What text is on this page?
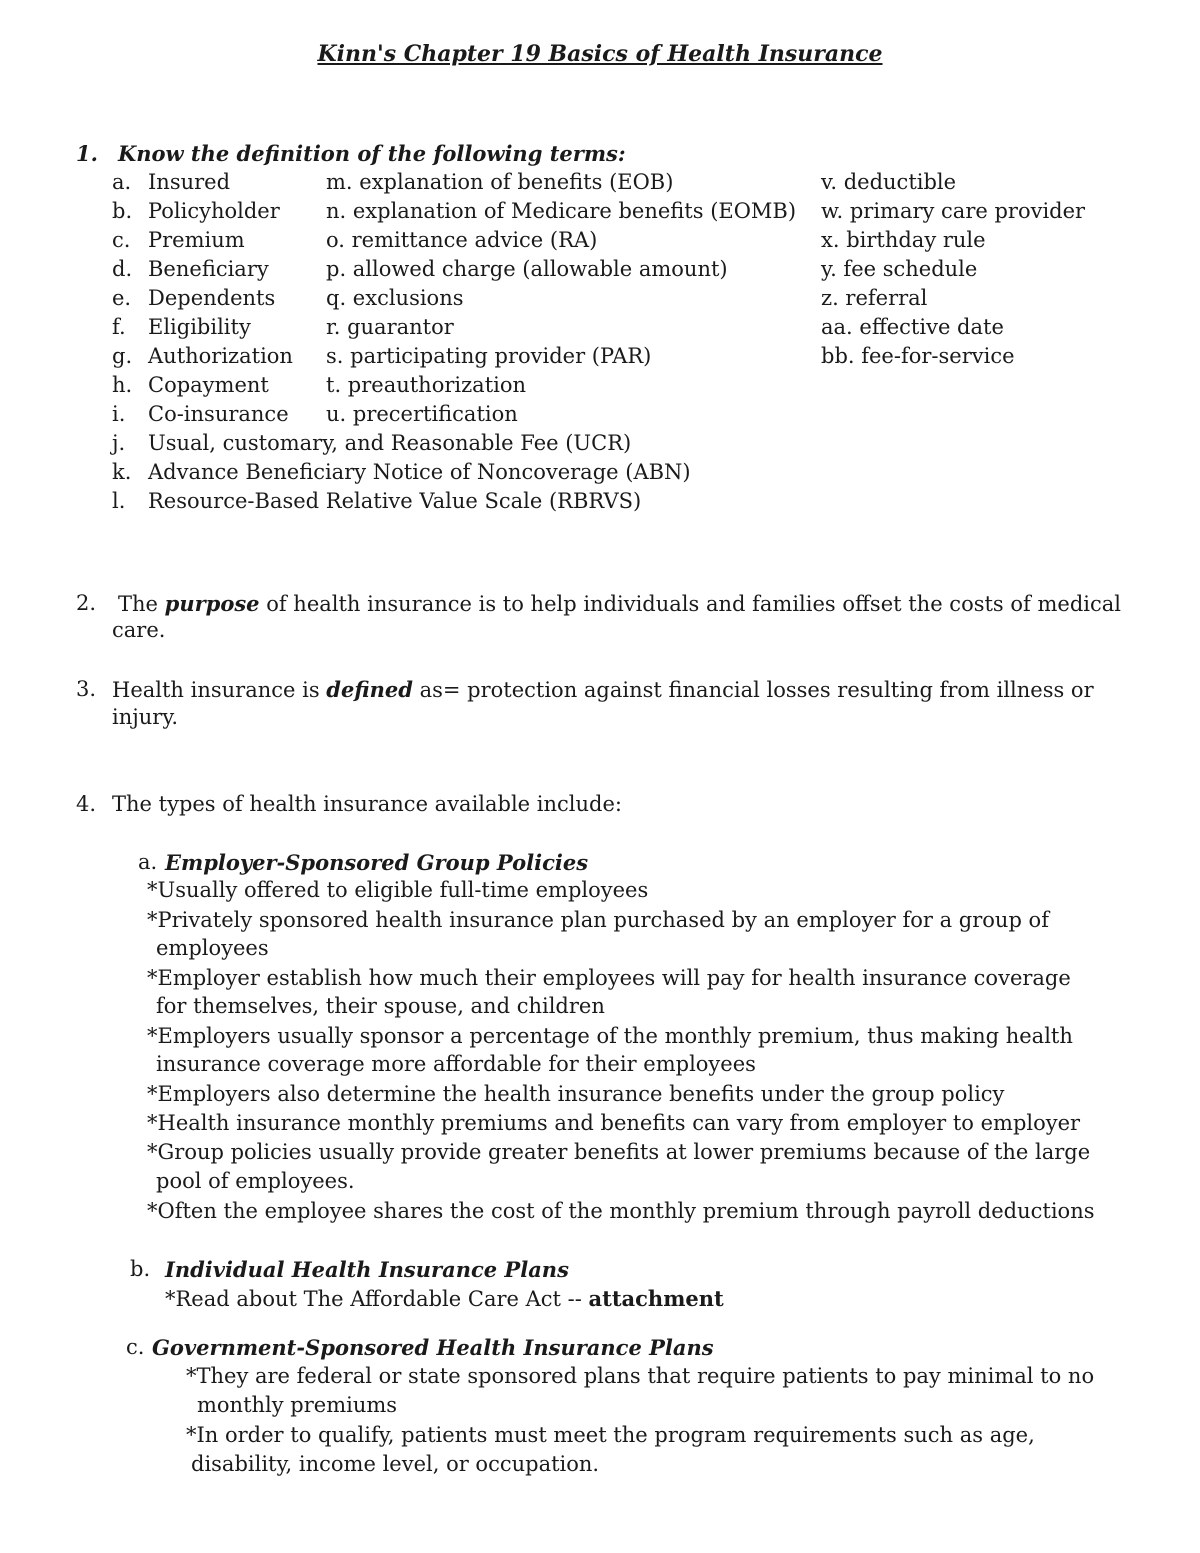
Kinn's Chapter 19 Basics of Health Insurance
1. Know the definition of the following terms:
a. Insured
b. Policyholder
c. Premium
d. Beneficiary
e. Dependents
f. Eligibility
g. Authorization
h. Copayment
i. Co-insurance
m. explanation of benefits (EOB)
n. explanation of Medicare benefits (EOMB)
o. remittance advice (RA)
p. allowed charge (allowable amount)
q. exclusions
r. guarantor
s. participating provider (PAR)
t. preauthorization
u. precertification
v. deductible
w. primary care provider
x. birthday rule
y. fee schedule
z. referral
aa. effective date
bb. fee-for-service
j. Usual, customary, and Reasonable Fee (UCR)
k. Advance Beneficiary Notice of Noncoverage (ABN)
l. Resource-Based Relative Value Scale (RBRVS)
2. The purpose of health insurance is to help individuals and families offset the costs of medical
care.
3. Health insurance is defined as= protection against financial losses resulting from illness or
injury.
4. The types of health insurance available include:
a. Employer-Sponsored Group Policies
*Usually offered to eligible full-time employees
*Privately sponsored health insurance plan purchased by an employer for a group of
employees
*Employer establish how much their employees will pay for health insurance coverage
for themselves, their spouse, and children
*Employers usually sponsor a percentage of the monthly premium, thus making health
insurance coverage more affordable for their employees
*Employers also determine the health insurance benefits under the group policy
*Health insurance monthly premiums and benefits can vary from employer to employer
*Group policies usually provide greater benefits at lower premiums because of the large
pool of employees.
*Often the employee shares the cost of the monthly premium through payroll deductions
b. Individual Health Insurance Plans
*Read about The Affordable Care Act -- attachment
c. Government-Sponsored Health Insurance Plans
*They are federal or state sponsored plans that require patients to pay minimal to no
monthly premiums
*In order to qualify, patients must meet the program requirements such as age,
disability, income level, or occupation.
